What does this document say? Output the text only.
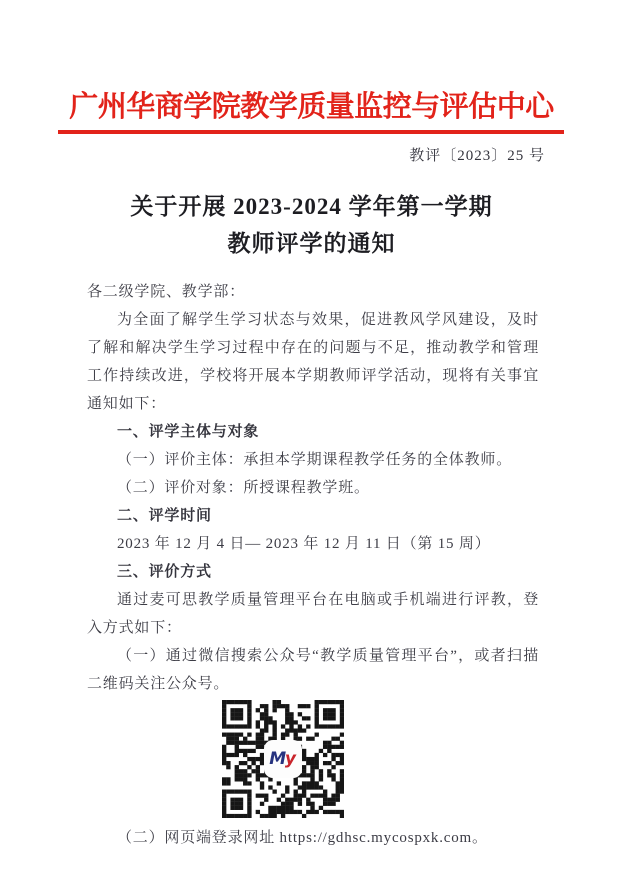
广州华商学院教学质量监控与评估中心
教评〔2023〕25 号
关于开展 2023-2024 学年第一学期
教师评学的通知

各二级学院、教学部：

为全面了解学生学习状态与效果，促进教风学风建设，及时了解和解决学生学习过程中存在的问题与不足，推动教学和管理工作持续改进，学校将开展本学期教师评学活动，现将有关事宜通知如下：

一、评学主体与对象

（一）评价主体：承担本学期课程教学任务的全体教师。

（二）评价对象：所授课程教学班。

二、评学时间

2023 年 12 月 4 日— 2023 年 12 月 11 日（第 15 周）

三、评价方式

通过麦可思教学质量管理平台在电脑或手机端进行评教，登入方式如下：

（一）通过微信搜索公众号“教学质量管理平台”，或者扫描二维码关注公众号。

M
y

（二）网页端登录网址 https://gdhsc.mycospxk.com。
